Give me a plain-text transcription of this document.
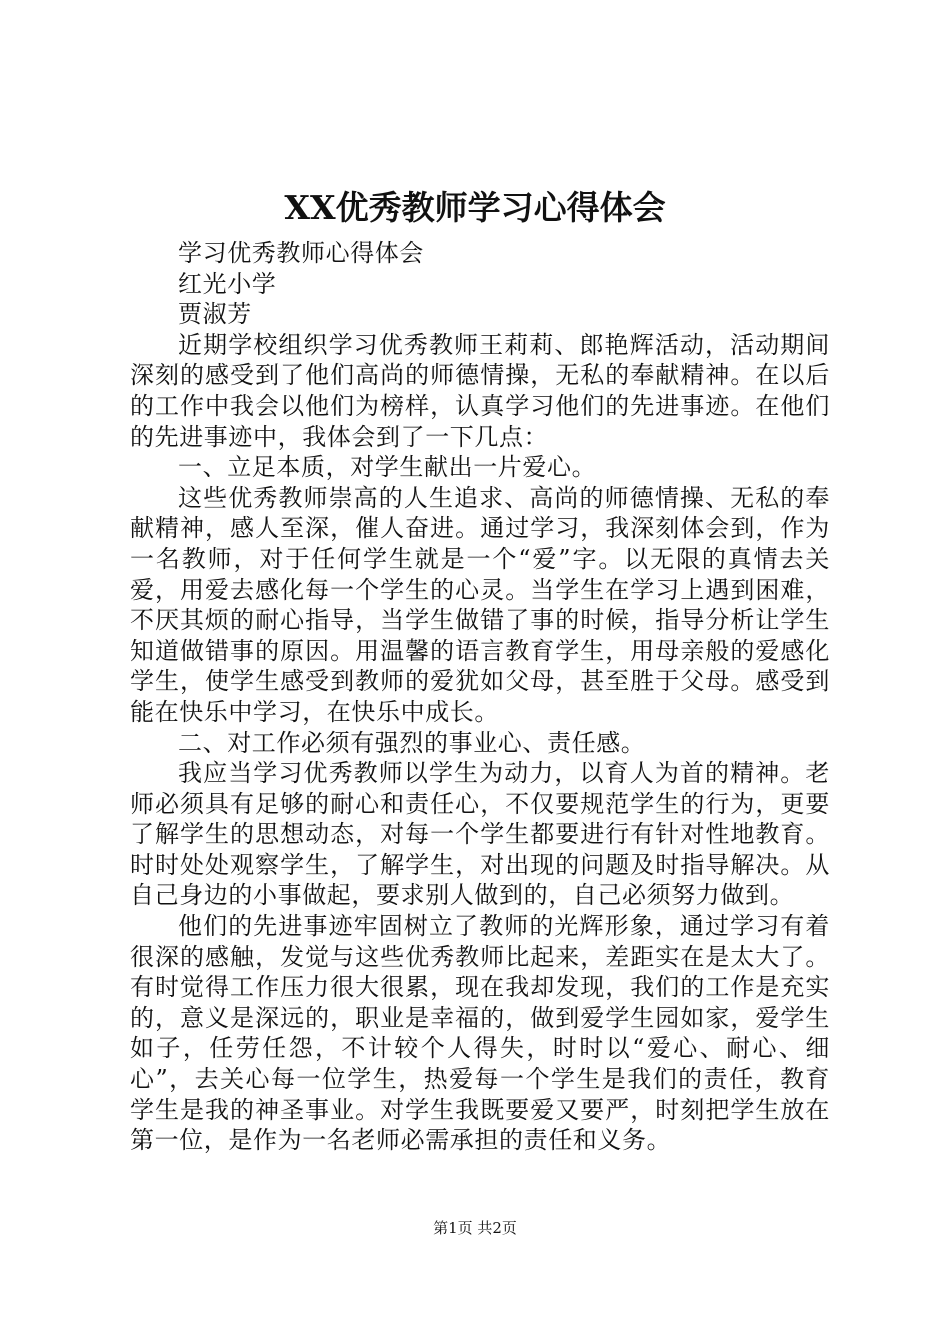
XX优秀教师学习心得体会

学习优秀教师心得体会

红光小学

贾淑芳

近期学校组织学习优秀教师王莉莉、郎艳辉活动，活动期间深刻的感受到了他们高尚的师德情操，无私的奉献精神。在以后的工作中我会以他们为榜样，认真学习他们的先进事迹。在他们的先进事迹中，我体会到了一下几点：

一、立足本质，对学生献出一片爱心。

这些优秀教师崇高的人生追求、高尚的师德情操、无私的奉献精神，感人至深，催人奋进。通过学习，我深刻体会到，作为一名教师，对于任何学生就是一个“爱”字。以无限的真情去关爱，用爱去感化每一个学生的心灵。当学生在学习上遇到困难，不厌其烦的耐心指导，当学生做错了事的时候，指导分析让学生知道做错事的原因。用温馨的语言教育学生，用母亲般的爱感化学生，使学生感受到教师的爱犹如父母，甚至胜于父母。感受到能在快乐中学习，在快乐中成长。

二、对工作必须有强烈的事业心、责任感。

我应当学习优秀教师以学生为动力，以育人为首的精神。老师必须具有足够的耐心和责任心，不仅要规范学生的行为，更要了解学生的思想动态，对每一个学生都要进行有针对性地教育。时时处处观察学生，了解学生，对出现的问题及时指导解决。从自己身边的小事做起，要求别人做到的，自己必须努力做到。

他们的先进事迹牢固树立了教师的光辉形象，通过学习有着很深的感触，发觉与这些优秀教师比起来，差距实在是太大了。有时觉得工作压力很大很累，现在我却发现，我们的工作是充实的，意义是深远的，职业是幸福的，做到爱学生园如家，爱学生如子，任劳任怨，不计较个人得失，时时以“爱心、耐心、细心”，去关心每一位学生，热爱每一个学生是我们的责任，教育学生是我的神圣事业。对学生我既要爱又要严，时刻把学生放在第一位，是作为一名老师必需承担的责任和义务。

第1页 共2页
